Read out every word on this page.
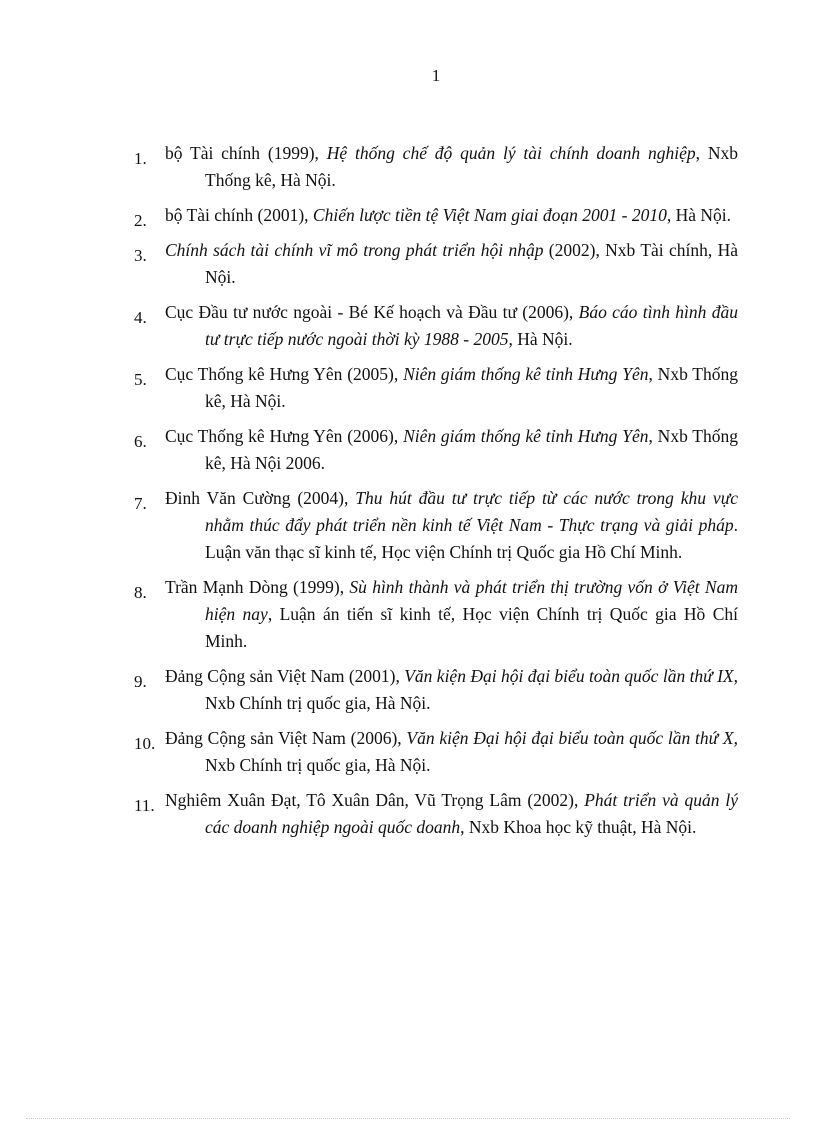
1
1. bộ Tài chính (1999), Hệ thống chế độ quản lý tài chính doanh nghiệp, Nxb Thống kê, Hà Nội.
2. bộ Tài chính (2001), Chiến lược tiền tệ Việt Nam giai đoạn 2001 - 2010, Hà Nội.
3. Chính sách tài chính vĩ mô trong phát triển hội nhập (2002), Nxb Tài chính, Hà Nội.
4. Cục Đầu tư nước ngoài - Bé Kế hoạch và Đầu tư (2006), Báo cáo tình hình đầu tư trực tiếp nước ngoài thời kỳ 1988 - 2005, Hà Nội.
5. Cục Thống kê Hưng Yên (2005), Niên giám thống kê tỉnh Hưng Yên, Nxb Thống kê, Hà Nội.
6. Cục Thống kê Hưng Yên (2006), Niên giám thống kê tỉnh Hưng Yên, Nxb Thống kê, Hà Nội 2006.
7. Đinh Văn Cường (2004), Thu hút đầu tư trực tiếp từ các nước trong khu vực nhằm thúc đẩy phát triển nền kinh tế Việt Nam - Thực trạng và giải pháp. Luận văn thạc sĩ kinh tế, Học viện Chính trị Quốc gia Hồ Chí Minh.
8. Trần Mạnh Dòng (1999), Sù hình thành và phát triển thị trường vốn ở Việt Nam hiện nay, Luận án tiến sĩ kinh tế, Học viện Chính trị Quốc gia Hồ Chí Minh.
9. Đảng Cộng sản Việt Nam (2001), Văn kiện Đại hội đại biểu toàn quốc lần thứ IX, Nxb Chính trị quốc gia, Hà Nội.
10. Đảng Cộng sản Việt Nam (2006), Văn kiện Đại hội đại biểu toàn quốc lần thứ X, Nxb Chính trị quốc gia, Hà Nội.
11. Nghiêm Xuân Đạt, Tô Xuân Dân, Vũ Trọng Lâm (2002), Phát triển và quản lý các doanh nghiệp ngoài quốc doanh, Nxb Khoa học kỹ thuật, Hà Nội.
